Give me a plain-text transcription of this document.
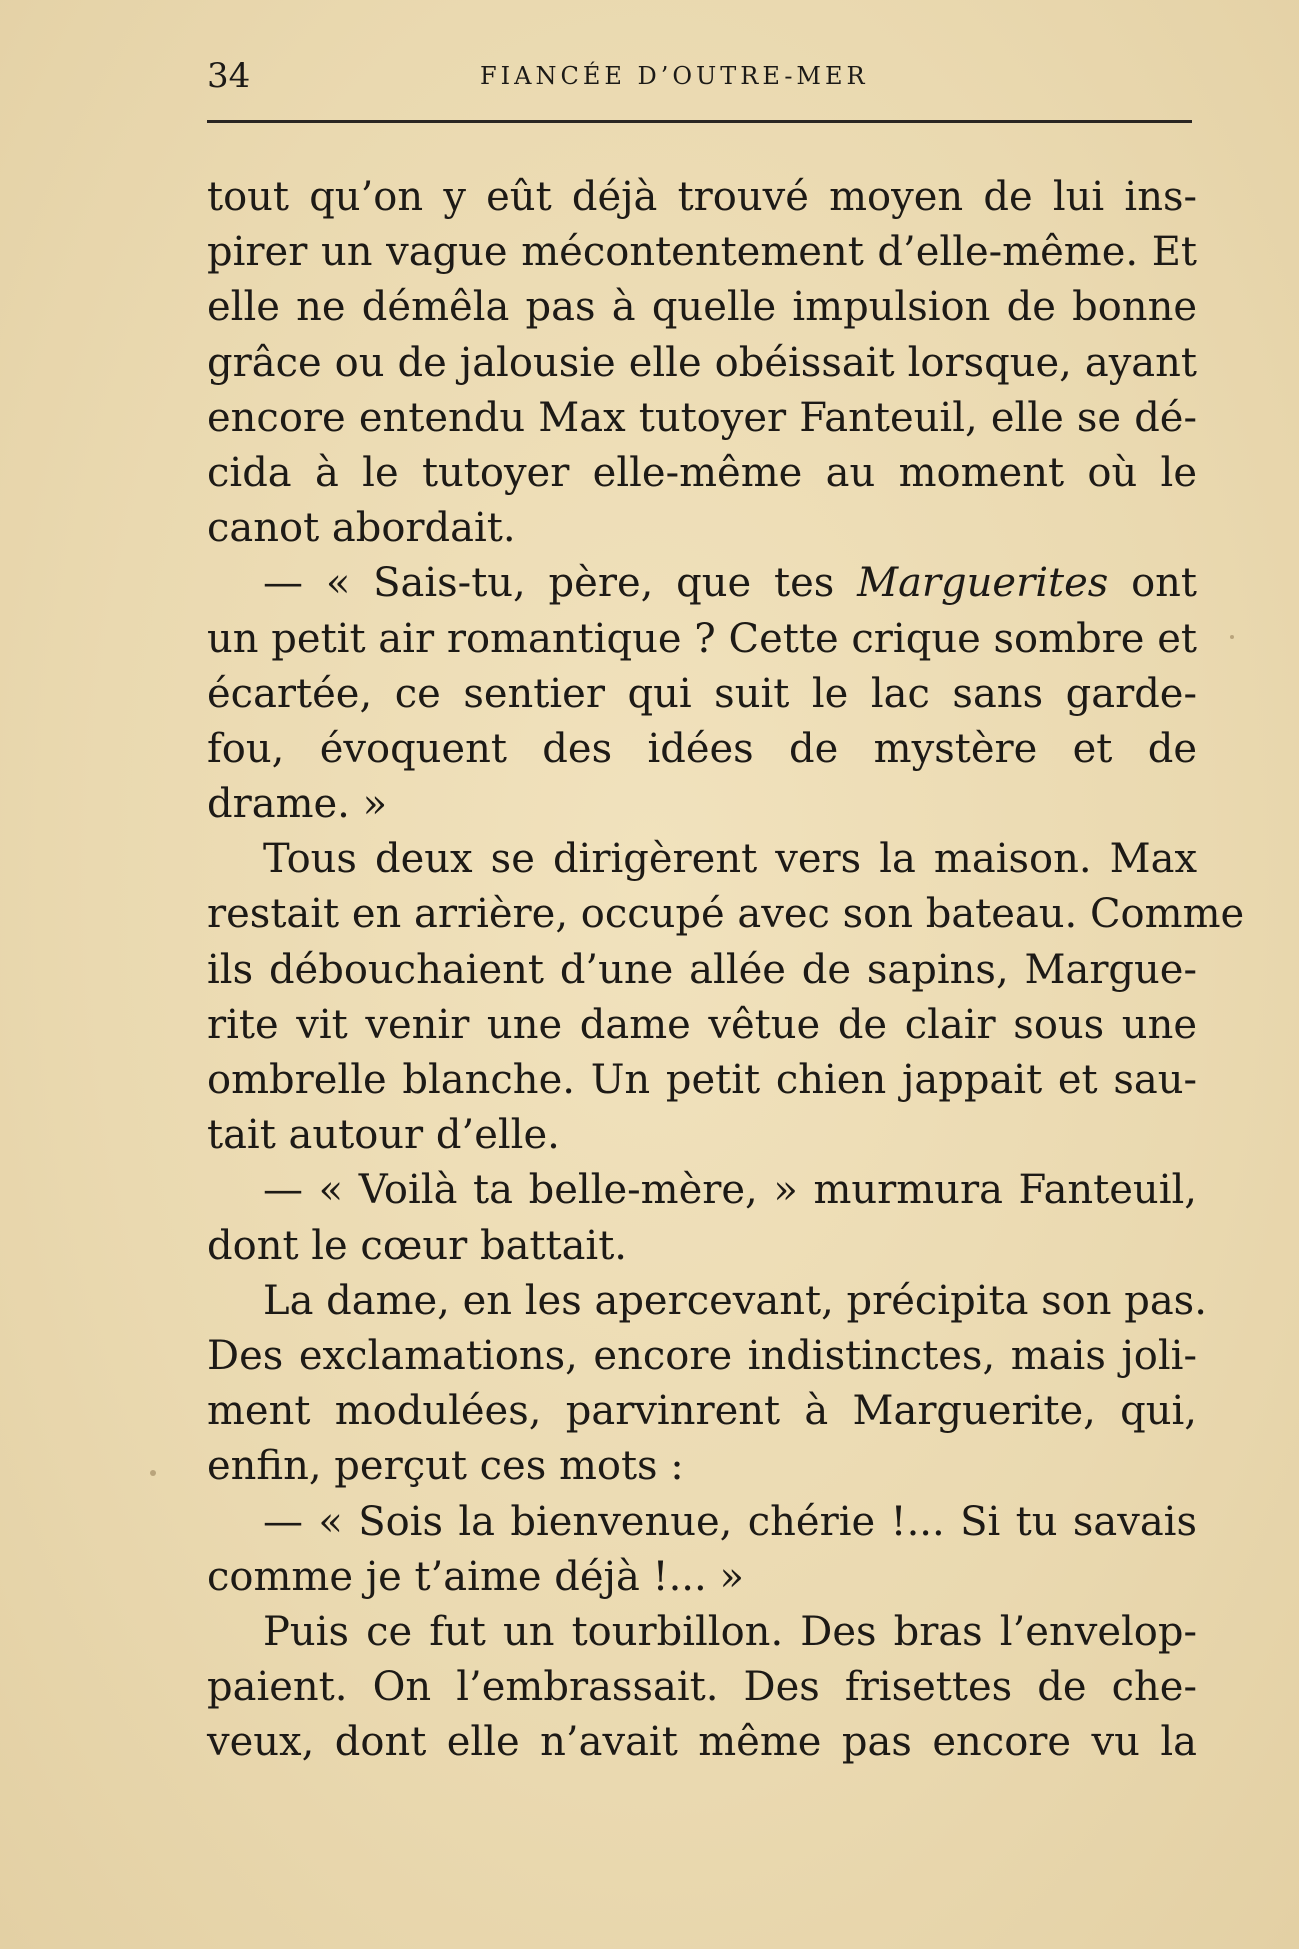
34	FIANCÉE D’OUTRE-MER
tout qu’on y eût déjà trouvé moyen de lui ins-
pirer un vague mécontentement d’elle-même. Et
elle ne démêla pas à quelle impulsion de bonne
grâce ou de jalousie elle obéissait lorsque, ayant
encore entendu Max tutoyer Fanteuil, elle se dé-
cida à le tutoyer elle-même au moment où le
canot abordait.
— « Sais-tu, père, que tes Marguerites ont
un petit air romantique ? Cette crique sombre et
écartée, ce sentier qui suit le lac sans garde-
fou, évoquent des idées de mystère et de
drame. »
Tous deux se dirigèrent vers la maison. Max
restait en arrière, occupé avec son bateau. Comme
ils débouchaient d’une allée de sapins, Margue-
rite vit venir une dame vêtue de clair sous une
ombrelle blanche. Un petit chien jappait et sau-
tait autour d’elle.
— « Voilà ta belle-mère, » murmura Fanteuil,
dont le cœur battait.
La dame, en les apercevant, précipita son pas.
Des exclamations, encore indistinctes, mais joli-
ment modulées, parvinrent à Marguerite, qui,
enfin, perçut ces mots :
— « Sois la bienvenue, chérie !... Si tu savais
comme je t’aime déjà !... »
Puis ce fut un tourbillon. Des bras l’envelop-
paient. On l’embrassait. Des frisettes de che-
veux, dont elle n’avait même pas encore vu la
